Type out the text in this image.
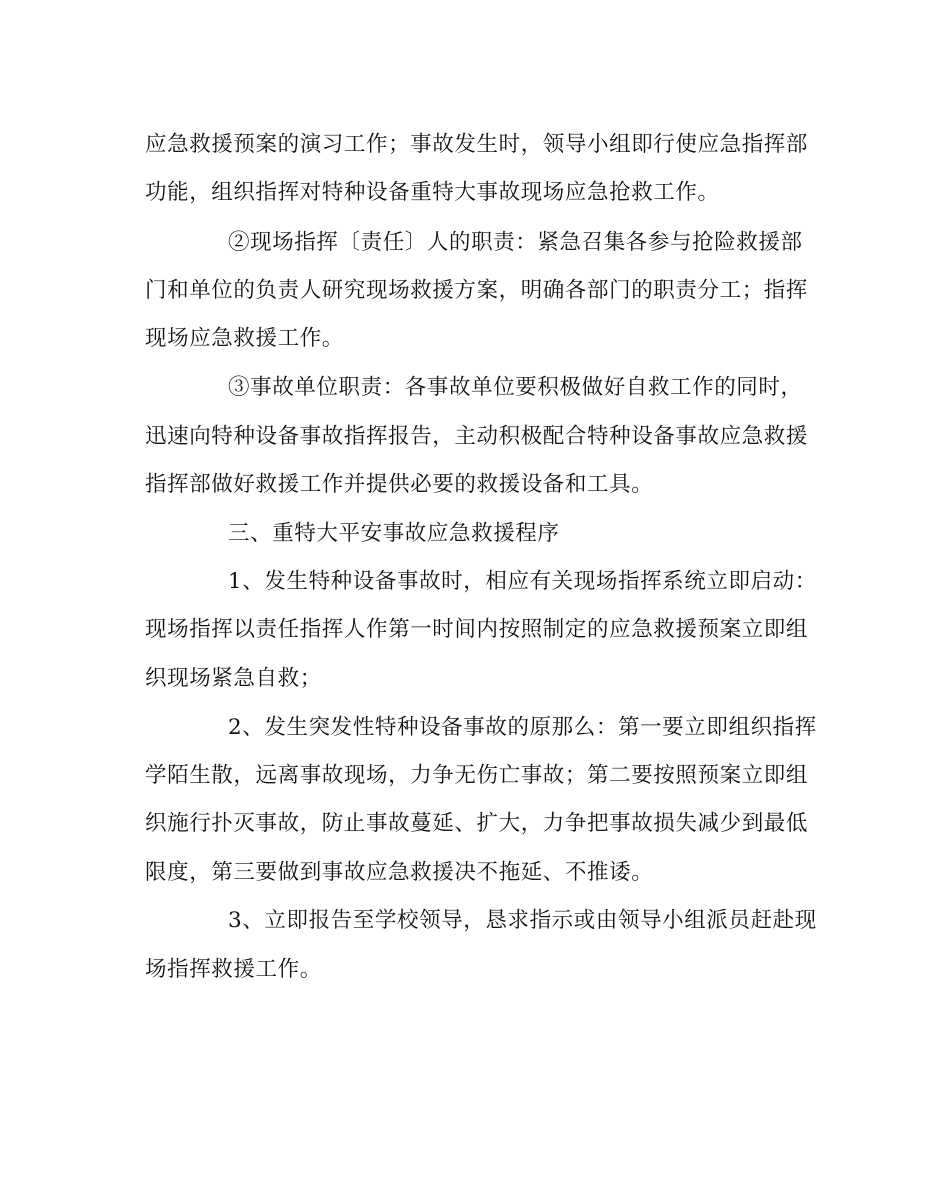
应急救援预案的演习工作；事故发生时，领导小组即行使应急指挥部
功能，组织指挥对特种设备重特大事故现场应急抢救工作。
②现场指挥〔责任〕人的职责：紧急召集各参与抢险救援部
门和单位的负责人研究现场救援方案，明确各部门的职责分工；指挥
现场应急救援工作。
③事故单位职责：各事故单位要积极做好自救工作的同时，
迅速向特种设备事故指挥报告，主动积极配合特种设备事故应急救援
指挥部做好救援工作并提供必要的救援设备和工具。
三、重特大平安事故应急救援程序
1、发生特种设备事故时，相应有关现场指挥系统立即启动：
现场指挥以责任指挥人作第一时间内按照制定的应急救援预案立即组
织现场紧急自救；
2、发生突发性特种设备事故的原那么：第一要立即组织指挥
学陌生散，远离事故现场，力争无伤亡事故；第二要按照预案立即组
织施行扑灭事故，防止事故蔓延、扩大，力争把事故损失减少到最低
限度，第三要做到事故应急救援决不拖延、不推诿。
3、立即报告至学校领导，恳求指示或由领导小组派员赶赴现
场指挥救援工作。
